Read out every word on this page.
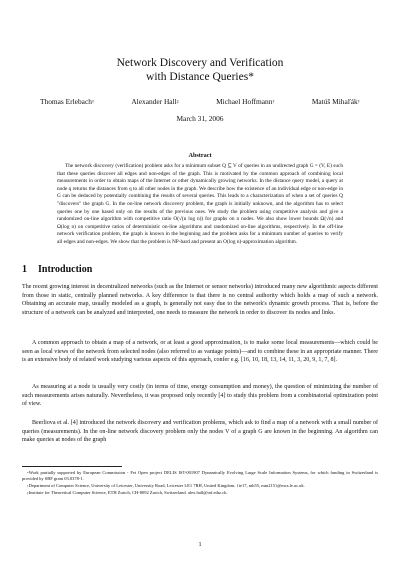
Network Discovery and Verification
with Distance Queries*
Thomas Erlebach†	Alexander Hall‡	Michael Hoffmann†	Matúš Mihaľák†
March 31, 2006
Abstract

The network discovery (verification) problem asks for a minimum subset Q ⊆ V of queries in an undirected graph G = (V, E) such that these queries discover all edges and non-edges of the graph. This is motivated by the common approach of combining local measurements in order to obtain maps of the Internet or other dynamically growing networks. In the distance query model, a query at node q returns the distances from q to all other nodes in the graph. We describe how the existence of an individual edge or non-edge in G can be deduced by potentially combining the results of several queries. This leads to a characterization of when a set of queries Q "discovers" the graph G. In the on-line network discovery problem, the graph is initially unknown, and the algorithm has to select queries one by one based only on the results of the previous ones. We study the problem using competitive analysis and give a randomized on-line algorithm with competitive ratio O(√(n log n)) for graphs on n nodes. We also show lower bounds Ω(√n) and Ω(log n) on competitive ratios of deterministic on-line algorithms and randomized on-line algorithms, respectively. In the off-line network verification problem, the graph is known in the beginning and the problem asks for a minimum number of queries to verify all edges and non-edges. We show that the problem is NP-hard and present an O(log n)-approximation algorithm.

1 Introduction

The recent growing interest in decentralized networks (such as the Internet or sensor networks) introduced many new algorithmic aspects different from those in static, centrally planned networks. A key difference is that there is no central authority which holds a map of such a network. Obtaining an accurate map, usually modeled as a graph, is generally not easy due to the network's dynamic growth process. That is, before the structure of a network can be analyzed and interpreted, one needs to measure the network in order to discover its nodes and links.

A common approach to obtain a map of a network, or at least a good approximation, is to make some local measurements—which could be seen as local views of the network from selected nodes (also referred to as vantage points)—and to combine these in an appropriate manner. There is an extensive body of related work studying various aspects of this approach, confer e.g. [16, 10, 18, 13, 14, 11, 3, 20, 9, 1, 7, 8].

As measuring at a node is usually very costly (in terms of time, energy consumption and money), the question of minimizing the number of such measurements arises naturally. Nevertheless, it was proposed only recently [4] to study this problem from a combinatorial optimization point of view.

Beerliova et al. [4] introduced the network discovery and verification problems, which ask to find a map of a network with a small number of queries (measurements). In the on-line network discovery problem only the nodes V of a graph G are known in the beginning. An algorithm can make queries at nodes of the graph

*Work partially supported by European Commission - Fet Open project DELIS IST-001907 Dynamically Evolving Large Scale Information Systems, for which funding in Switzerland is provided by SBF grant 03.0378-1.

†Department of Computer Science, University of Leicester, University Road, Leicester LE1 7RH, United Kingdom. {te17, mh55, mm215}@mcs.le.ac.uk.

‡Institute for Theoretical Computer Science, ETH Zurich, CH-8092 Zurich, Switzerland. alex.hall@inf.ethz.ch.

1
